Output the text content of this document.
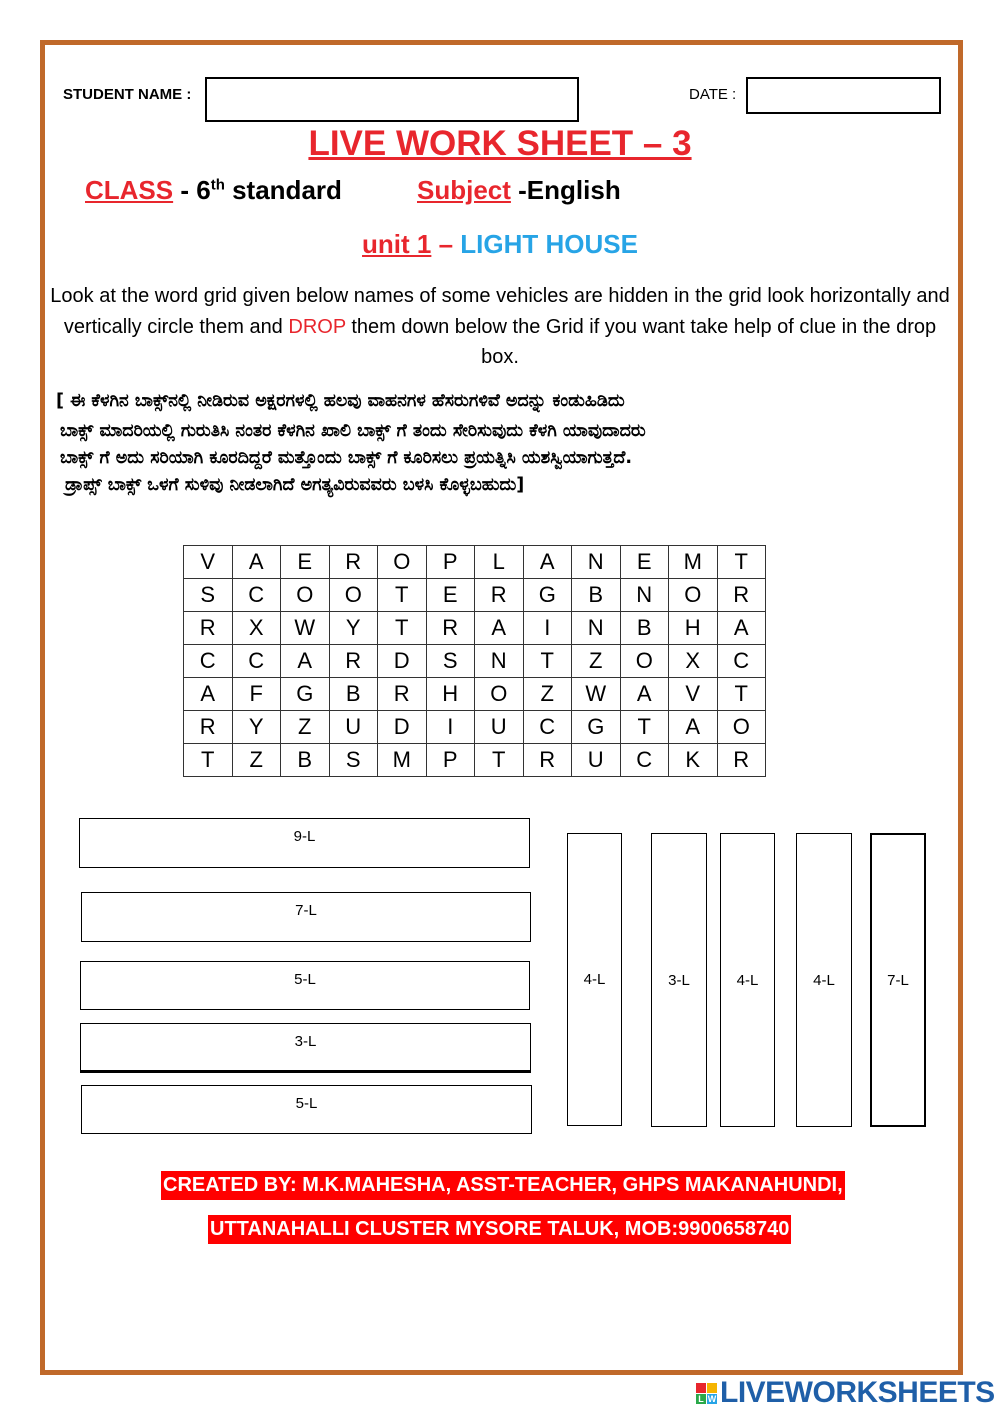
STUDENT NAME :	DATE :
LIVE WORK SHEET – 3
CLASS - 6th standard	Subject -English
unit 1 – LIGHT HOUSE
Look at the word grid given below names of some vehicles are hidden in the grid look horizontally and vertically circle them and DROP them down below the Grid if you want take help of clue in the drop box.
[ ಈ ಕೆಳಗಿನ ಬಾಕ್ಸ್‌ನಲ್ಲಿ ನೀಡಿರುವ ಅಕ್ಷರಗಳಲ್ಲಿ ಹಲವು ವಾಹನಗಳ ಹೆಸರುಗಳಿವೆ ಅದನ್ನು ಕಂಡುಹಿಡಿದು
ಬಾಕ್ಸ್ ಮಾದರಿಯಲ್ಲಿ ಗುರುತಿಸಿ ನಂತರ ಕೆಳಗಿನ ಖಾಲಿ ಬಾಕ್ಸ್ ಗೆ ತಂದು ಸೇರಿಸುವುದು ಕೆಳಗಿ ಯಾವುದಾದರು
ಬಾಕ್ಸ್ ಗೆ ಅದು ಸರಿಯಾಗಿ ಕೂರದಿದ್ದರೆ ಮತ್ತೊಂದು ಬಾಕ್ಸ್ ಗೆ ಕೂರಿಸಲು ಪ್ರಯತ್ನಿಸಿ ಯಶಸ್ವಿಯಾಗುತ್ತದೆ.
ಡ್ರಾಪ್ಸ್ ಬಾಕ್ಸ್ ಒಳಗೆ ಸುಳಿವು ನೀಡಲಾಗಿದೆ ಅಗತ್ಯವಿರುವವರು ಬಳಸಿ ಕೊಳ್ಳಬಹುದು]
V	A	E	R	O	P	L	A	N	E	M	T
S	C	O	O	T	E	R	G	B	N	O	R
R	X	W	Y	T	R	A	I	N	B	H	A
C	C	A	R	D	S	N	T	Z	O	X	C
A	F	G	B	R	H	O	Z	W	A	V	T
R	Y	Z	U	D	I	U	C	G	T	A	O
T	Z	B	S	M	P	T	R	U	C	K	R
9-L
7-L
5-L
3-L
5-L
4-L	3-L	4-L	4-L	7-L
CREATED BY: M.K.MAHESHA, ASST-TEACHER, GHPS MAKANAHUNDI,
UTTANAHALLI CLUSTER MYSORE TALUK, MOB:9900658740
L W LIVEWORKSHEETS
